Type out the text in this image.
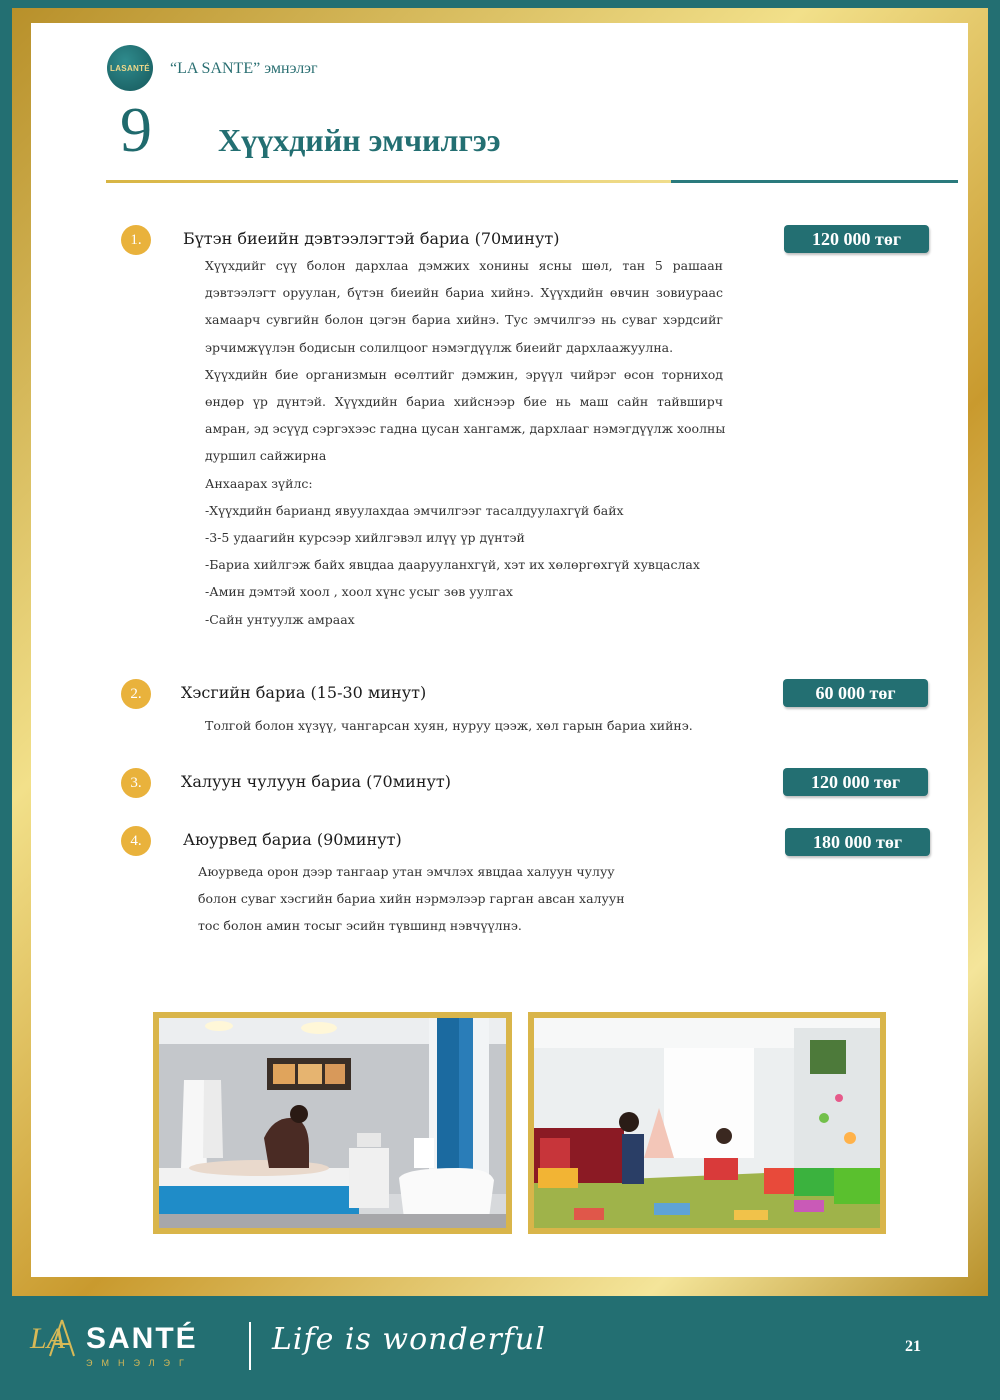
LASANTÉ “LA SANTE” эмнэлэг
9 Хүүхдийн эмчилгээ
1.	Бүтэн биеийн дэвтээлэгтэй бариа (70минут)	120 000 төг
Хүүхдийг сүү болон дархлаа дэмжих хонины ясны шөл, тан 5 рашаан
дэвтээлэгт оруулан, бүтэн биеийн бариа хийнэ. Хүүхдийн өвчин зовиураас
хамаарч сувгийн болон цэгэн бариа хийнэ. Тус эмчилгээ нь суваг хэрдсийг
эрчимжүүлэн бодисын солилцоог нэмэгдүүлж биеийг дархлаажуулна.
Хүүхдийн бие организмын өсөлтийг дэмжин, эрүүл чийрэг өсон торниход
өндөр үр дүнтэй. Хүүхдийн бариа хийснээр бие нь маш сайн тайвширч
амран, эд эсүүд сэргэхээс гадна цусан хангамж, дархлааг нэмэгдүүлж хоолны
дуршил сайжирна
Анхаарах зүйлс:
-Хүүхдийн барианд явуулахдаа эмчилгээг тасалдуулахгүй байх
-3-5 удаагийн курсээр хийлгэвэл илүү үр дүнтэй
-Бариа хийлгэж байх явцдаа даарууланхгүй, хэт их хөлөргөхгүй хувцаслах
-Амин дэмтэй хоол , хоол хүнс усыг зөв уулгах
-Сайн унтуулж амраах
2.	Хэсгийн бариа (15-30 минут)	60 000 төг
Толгой болон хүзүү, чангарсан хуян, нуруу цээж, хөл гарын бариа хийнэ.
3.	Халуун чулуун бариа (70минут)	120 000 төг
4.	Аюурвед бариа (90минут)	180 000 төг
Аюурведа орон дээр тангаар утан эмчлэх явцдаа халуун чулуу
болон суваг хэсгийн бариа хийн нэрмэлээр гарган авсан халуун
тос болон амин тосыг эсийн түвшинд нэвчүүлнэ.
LA SANTÉ
ЭМНЭЛЭГ
Life is wonderful	21
